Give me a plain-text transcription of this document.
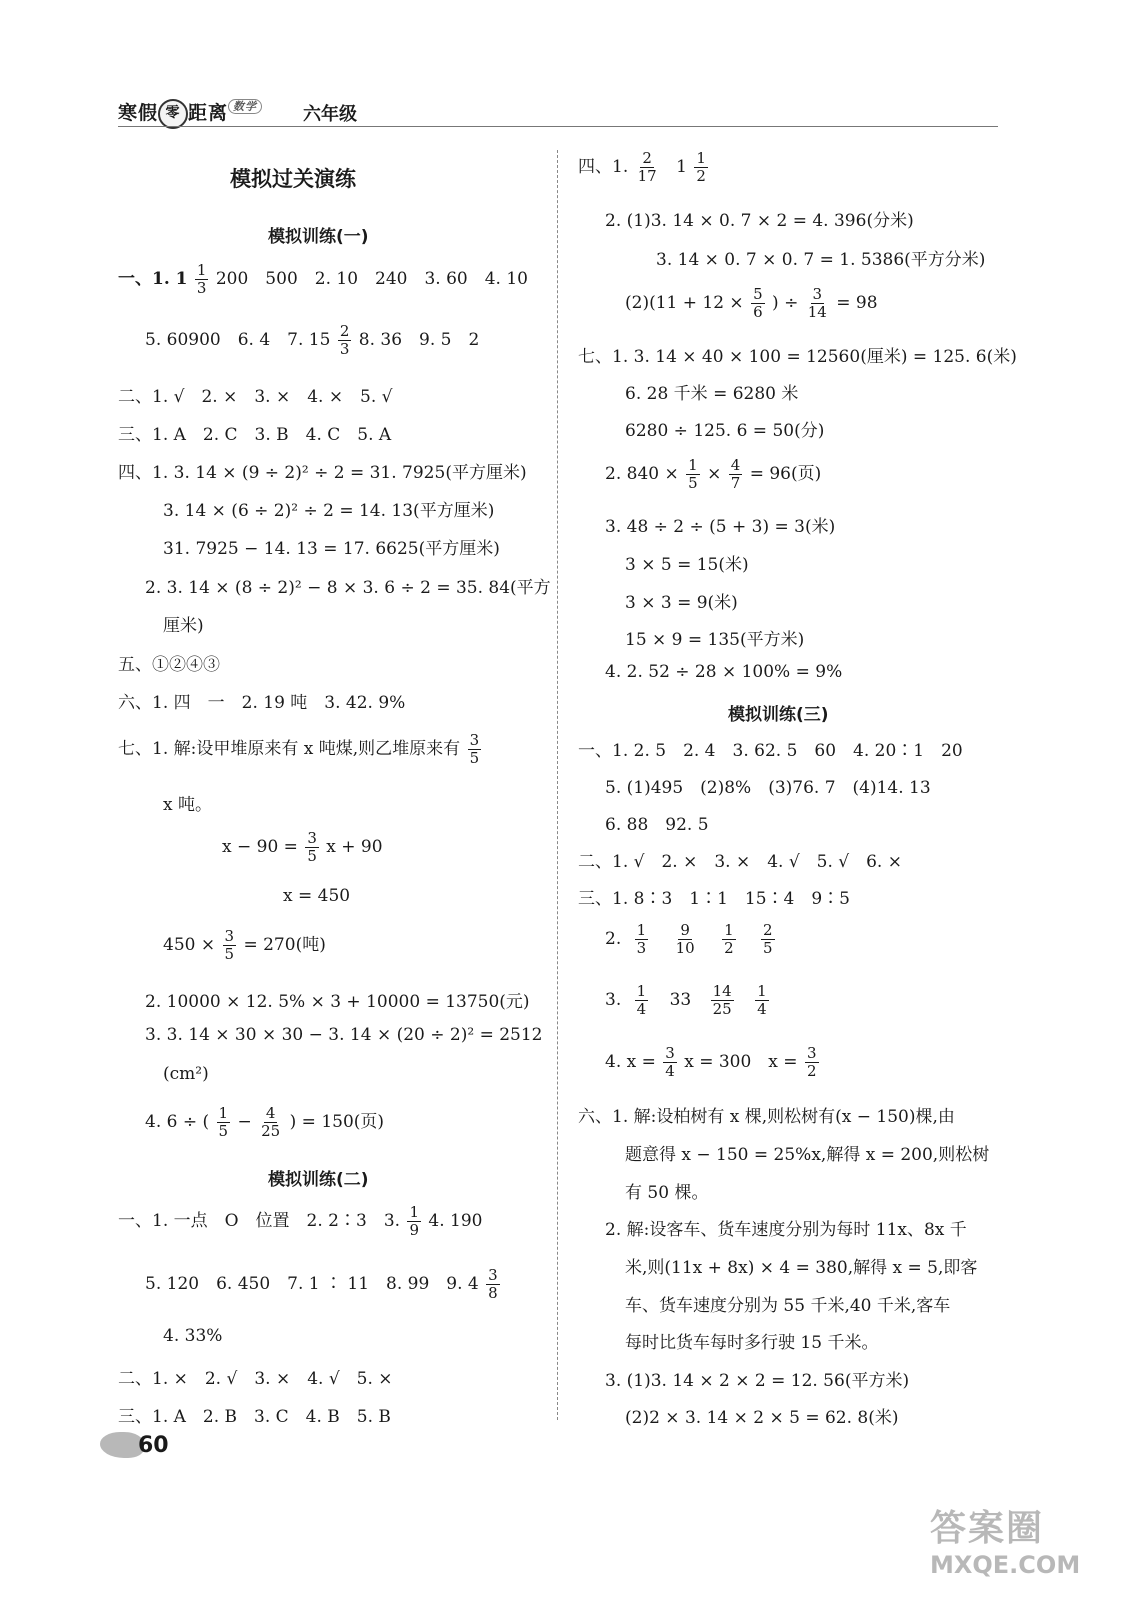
寒假 零 距离 $^{数学}$	六年级
模拟过关演练
模拟训练(一)
一、1. $1 \frac{1}{3} 200$　500　2. 10　240　3. 60　4. 10
5. 60900　6. 4　7. $15 \frac{2}{3} 8$. 36　9. 5　2
二、1. √　2. ×　3. ×　4. ×　5. √
三、1. A　2. C　3. B　4. C　5. A
四、1. 3. 14 × (9 ÷ 2)² ÷ 2 = 31. 7925(平方厘米)
3. 14 × (6 ÷ 2)² ÷ 2 = 14. 13(平方厘米)
31. 7925 − 14. 13 = 17. 6625(平方厘米)
2. 3. 14 × (8 ÷ 2)² − 8 × 3. 6 ÷ 2 = 35. 84(平方
厘米)
五、①②④③
六、1. 四　一　2. 19 吨　3. 42. 9%
七、1. 解:设甲堆原来有 x 吨煤,则乙堆原来有 $\frac{3}{5}$
x 吨。
$x - 90 = \frac{3}{5}$ x + 90
x = 450
$450 \times \frac{3}{5} = 270$(吨)
2. 10000 × 12. 5% × 3 + 10000 = 13750(元)
3. 3. 14 × 30 × 30 − 3. 14 × (20 ÷ 2)² = 2512
(cm²)
4. 6 ÷ ( $\frac{1}{5} - \frac{4}{25}$ ) = 150(页)
模拟训练(二)
一、1. 一点　O　位置　2. 2∶3　3. $\frac{1}{9} 4$. 190
5. 120　6. 450　7. 1 ∶ 11　8. 99　9. $4 \frac{3}{8}$
4. 33%
二、1. ×　2. √　3. ×　4. √　5. ×
三、1. A　2. B　3. C　4. B　5. B
四、1. $\frac{2}{17} 1 \frac{1}{2}$
2. (1)3. 14 × 0. 7 × 2 = 4. 396(分米)
3. 14 × 0. 7 × 0. 7 = 1. 5386(平方分米)
$(2)(11 + 12 \times \frac{5}{6}$ ) ÷ $\frac{3}{14} = 98$
七、1. 3. 14 × 40 × 100 = 12560(厘米) = 125. 6(米)
6. 28 千米 = 6280 米
6280 ÷ 125. 6 = 50(分)
2. $840 \times \frac{1}{5} \times \frac{4}{7} = 96$(页)
3. 48 ÷ 2 ÷ (5 + 3) = 3(米)
3 × 5 = 15(米)
3 × 3 = 9(米)
15 × 9 = 135(平方米)
4. 2. 52 ÷ 28 × 100% = 9%
模拟训练(三)
一、1. 2. 5　2. 4　3. 62. 5　60　4. 20∶1　20
5. (1)495　(2)8%　(3)76. 7　(4)14. 13
6. 88　92. 5
二、1. √　2. ×　3. ×　4. √　5. √　6. ×
三、1. 8∶3　1∶1　15∶4　9∶5
2. $\frac{1}{3}$
$\frac{9}{10}$
$\frac{1}{2}$
$\frac{2}{5}$
3. $\frac{1}{4} 33 \frac{14}{25}$
$\frac{1}{4}$
4. $x = \frac{3}{4}$ x = 300　$x = \frac{3}{2}$
六、1. 解:设柏树有 x 棵,则松树有(x − 150)棵,由
题意得 x − 150 = 25%x,解得 x = 200,则松树
有 50 棵。
2. 解:设客车、货车速度分别为每时 11x、8x 千
米,则(11x + 8x) × 4 = 380,解得 x = 5,即客
车、货车速度分别为 55 千米,40 千米,客车
每时比货车每时多行驶 15 千米。
3. (1)3. 14 × 2 × 2 = 12. 56(平方米)
(2)2 × 3. 14 × 2 × 5 = 62. 8(米)
60
答案圈
MXQE.COM
